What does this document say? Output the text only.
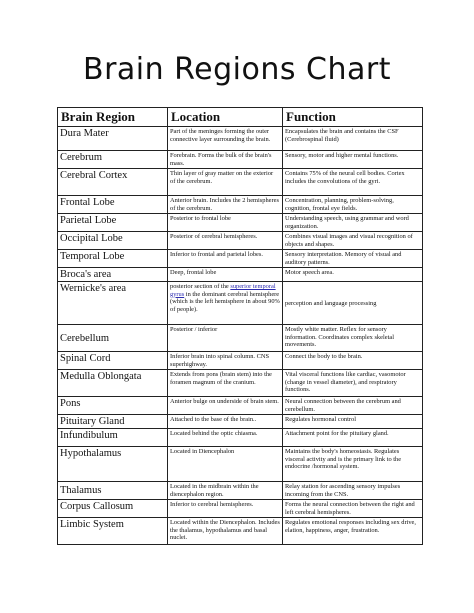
Brain Regions Chart
Brain Region	Location	Function
Dura Mater	Part of the meninges forming the outer connective layer surrounding the brain.	Encapsulates the brain and contains the CSF (Cerebrospinal fluid)
Cerebrum	Forebrain. Forms the bulk of the brain's mass.	Sensory, motor and higher mental functions.
Cerebral Cortex	Thin layer of gray matter on the exterior of the cerebrum.	Contains 75% of the neural cell bodies. Cortex includes the convolutions of the gyri.
Frontal Lobe	Anterior brain. Includes the 2 hemispheres of the cerebrum.	Concentration, planning, problem-solving, cognition, frontal eye fields.
Parietal Lobe	Posterior to frontal lobe	Understanding speech, using grammar and word organization.
Occipital Lobe	Posterior of cerebral hemispheres.	Combines visual images and visual recognition of objects and shapes.
Temporal Lobe	Inferior to frontal and parietal lobes.	Sensory interpretation. Memory of visual and auditory patterns.
Broca's area	Deep, frontal lobe	Motor speech area.
Wernicke's area	posterior section of the superior temporal gyrus in the dominant cerebral hemisphere (which is the left hemisphere in about 90% of people).	perception and language processing
Cerebellum	Posterior / inferior	Mostly white matter. Reflex for sensory information. Coordinates complex skeletal movements.
Spinal Cord	Inferior brain into spinal column. CNS superhighway.	Connect the body to the brain.
Medulla Oblongata	Extends from pons (brain stem) into the foramen magnum of the cranium.	Vital visceral functions like cardiac, vasomotor (change in vessel diameter), and respiratory functions.
Pons	Anterior bulge on underside of brain stem.	Neural connection between the cerebrum and cerebellum.
Pituitary Gland	Attached to the base of the brain..	Regulates hormonal control
Infundibulum	Located behind the optic chiasma.	Attachment point for the pituitary gland.
Hypothalamus	Located in Diencephalon	Maintains the body's homeostasis. Regulates visceral activity and is the primary link to the endocrine /hormonal system.
Thalamus	Located in the midbrain within the diencephalon region.	Relay station for ascending sensory impulses incoming from the CNS.
Corpus Callosum	Inferior to cerebral hemispheres.	Forms the neural connection between the right and left cerebral hemispheres.
Limbic System	Located within the Diencephalon. Includes the thalamus, hypothalamus and basal nuclei.	Regulates emotional responses including sex drive, elation, happiness, anger, frustration.
